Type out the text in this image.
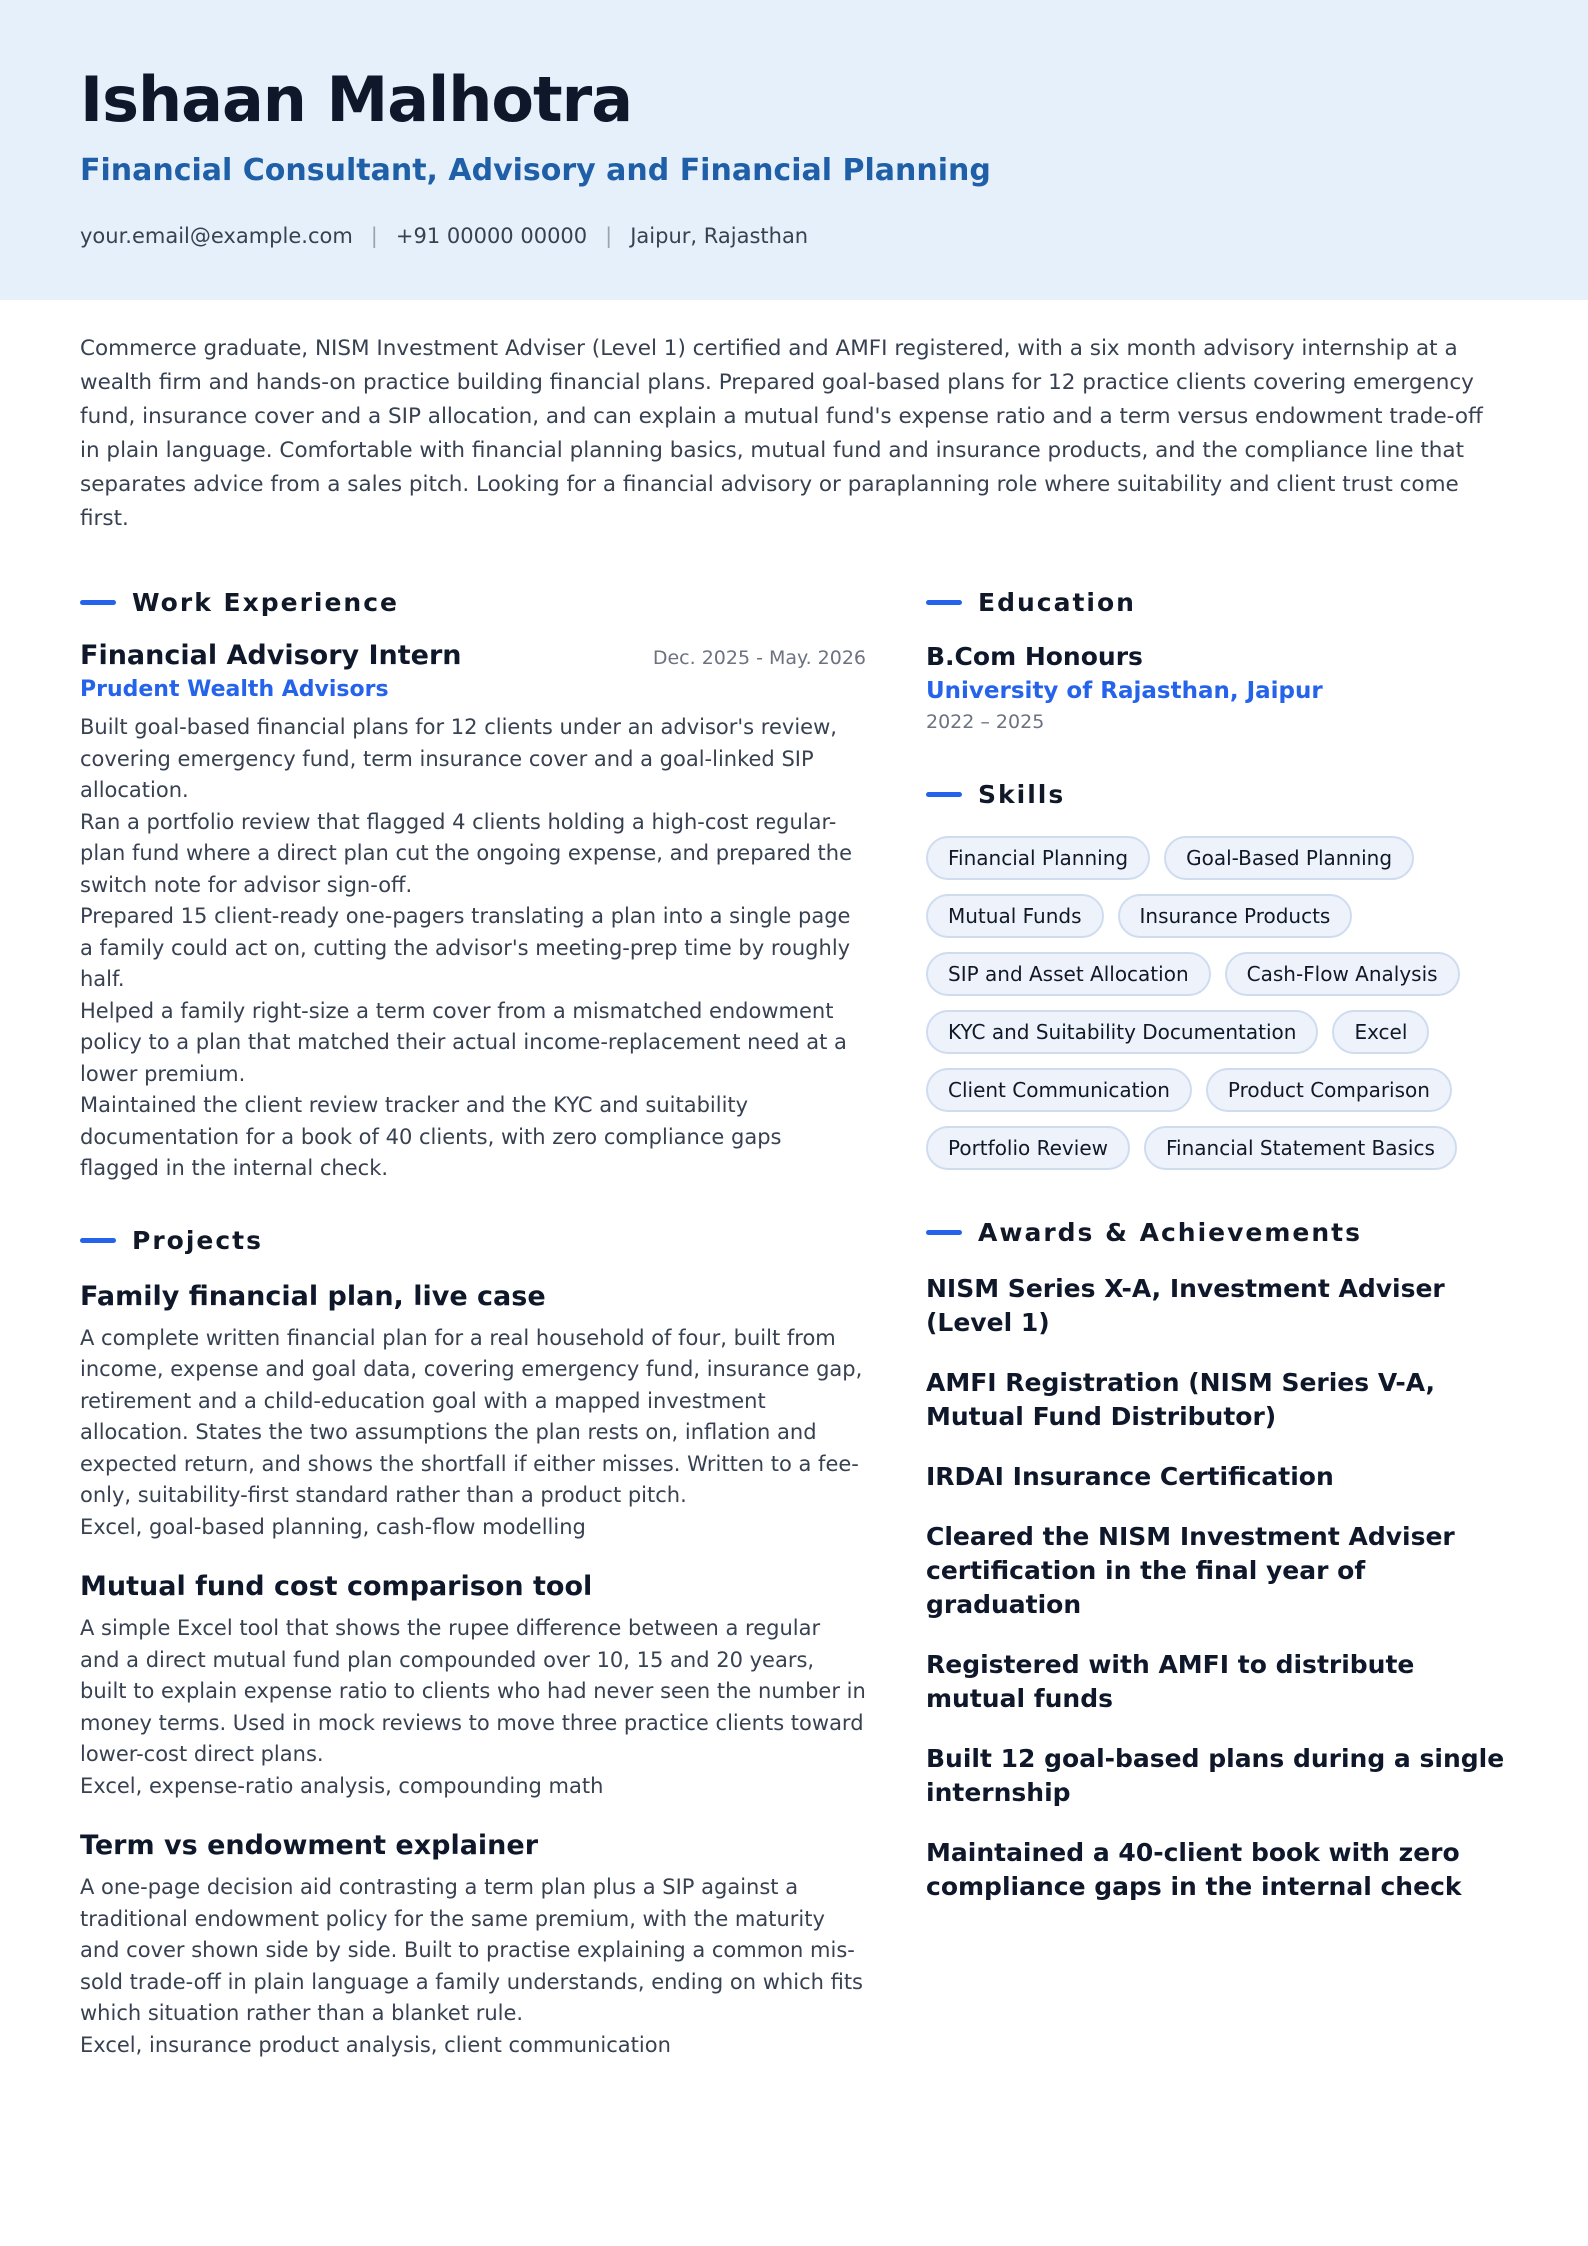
Ishaan Malhotra
Financial Consultant, Advisory and Financial Planning
your.email@example.com | +91 00000 00000 | Jaipur, Rajasthan
Commerce graduate, NISM Investment Adviser (Level 1) certified and AMFI registered, with a six month advisory internship at a wealth firm and hands-on practice building financial plans. Prepared goal-based plans for 12 practice clients covering emergency fund, insurance cover and a SIP allocation, and can explain a mutual fund's expense ratio and a term versus endowment trade-off in plain language. Comfortable with financial planning basics, mutual fund and insurance products, and the compliance line that separates advice from a sales pitch. Looking for a financial advisory or paraplanning role where suitability and client trust come first.
Work Experience
Financial Advisory Intern	Dec. 2025 - May. 2026
Prudent Wealth Advisors
Built goal-based financial plans for 12 clients under an advisor's review, covering emergency fund, term insurance cover and a goal-linked SIP allocation.
Ran a portfolio review that flagged 4 clients holding a high-cost regular-plan fund where a direct plan cut the ongoing expense, and prepared the switch note for advisor sign-off.
Prepared 15 client-ready one-pagers translating a plan into a single page a family could act on, cutting the advisor's meeting-prep time by roughly half.
Helped a family right-size a term cover from a mismatched endowment policy to a plan that matched their actual income-replacement need at a lower premium.
Maintained the client review tracker and the KYC and suitability documentation for a book of 40 clients, with zero compliance gaps flagged in the internal check.
Projects
Family financial plan, live case
A complete written financial plan for a real household of four, built from income, expense and goal data, covering emergency fund, insurance gap, retirement and a child-education goal with a mapped investment allocation. States the two assumptions the plan rests on, inflation and expected return, and shows the shortfall if either misses. Written to a fee-only, suitability-first standard rather than a product pitch.
Excel, goal-based planning, cash-flow modelling
Mutual fund cost comparison tool
A simple Excel tool that shows the rupee difference between a regular and a direct mutual fund plan compounded over 10, 15 and 20 years, built to explain expense ratio to clients who had never seen the number in money terms. Used in mock reviews to move three practice clients toward lower-cost direct plans.
Excel, expense-ratio analysis, compounding math
Term vs endowment explainer
A one-page decision aid contrasting a term plan plus a SIP against a traditional endowment policy for the same premium, with the maturity and cover shown side by side. Built to practise explaining a common mis-sold trade-off in plain language a family understands, ending on which fits which situation rather than a blanket rule.
Excel, insurance product analysis, client communication
Education
B.Com Honours
University of Rajasthan, Jaipur
2022 – 2025
Skills
Financial Planning	Goal-Based Planning
Mutual Funds	Insurance Products
SIP and Asset Allocation	Cash-Flow Analysis
KYC and Suitability Documentation	Excel
Client Communication	Product Comparison
Portfolio Review	Financial Statement Basics
Awards & Achievements
NISM Series X-A, Investment Adviser (Level 1)
AMFI Registration (NISM Series V-A, Mutual Fund Distributor)
IRDAI Insurance Certification
Cleared the NISM Investment Adviser certification in the final year of graduation
Registered with AMFI to distribute mutual funds
Built 12 goal-based plans during a single internship
Maintained a 40-client book with zero compliance gaps in the internal check
